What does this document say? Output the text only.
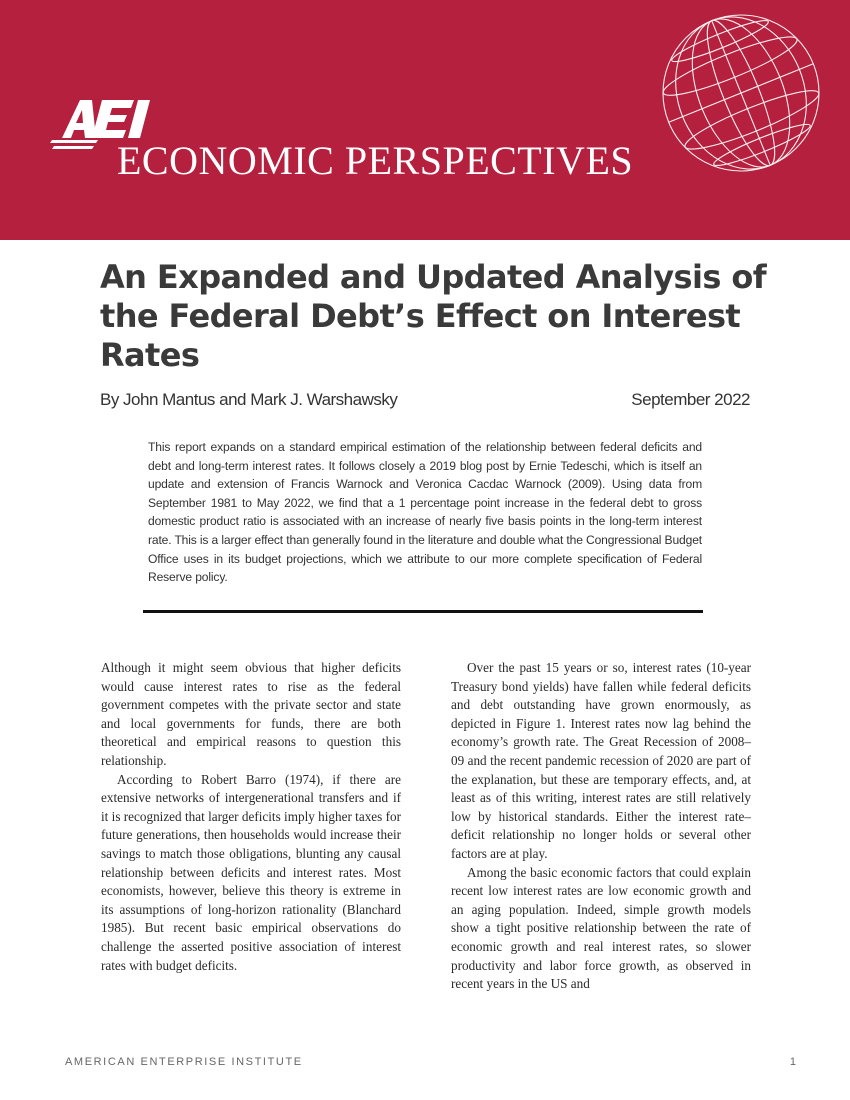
ECONOMIC PERSPECTIVES
An Expanded and Updated Analysis of the Federal Debt’s Effect on Interest Rates
By John Mantus and Mark J. Warshawsky	September 2022
This report expands on a standard empirical estimation of the relationship between federal deficits and debt and long-term interest rates. It follows closely a 2019 blog post by Ernie Tedeschi, which is itself an update and extension of Francis Warnock and Veronica Cacdac Warnock (2009). Using data from September 1981 to May 2022, we find that a 1 percentage point increase in the federal debt to gross domestic product ratio is associated with an increase of nearly five basis points in the long-term interest rate. This is a larger effect than generally found in the literature and double what the Congressional Budget Office uses in its budget projections, which we attribute to our more complete specification of Federal Reserve policy.

Although it might seem obvious that higher deficits would cause interest rates to rise as the federal government competes with the private sector and state and local governments for funds, there are both theoretical and empirical reasons to question this relationship.

According to Robert Barro (1974), if there are extensive networks of intergenerational transfers and if it is recognized that larger deficits imply higher taxes for future generations, then households would increase their savings to match those obligations, blunting any causal relationship between deficits and interest rates. Most economists, however, believe this theory is extreme in its assumptions of long-horizon rationality (Blanchard 1985). But recent basic empirical observations do challenge the asserted positive association of interest rates with budget deficits.

Over the past 15 years or so, interest rates (10-year Treasury bond yields) have fallen while federal deficits and debt outstanding have grown enormously, as depicted in Figure 1. Interest rates now lag behind the economy’s growth rate. The Great Recession of 2008–09 and the recent pandemic recession of 2020 are part of the explanation, but these are temporary effects, and, at least as of this writing, interest rates are still relatively low by historical standards. Either the interest rate–deficit relationship no longer holds or several other factors are at play.

Among the basic economic factors that could explain recent low interest rates are low economic growth and an aging population. Indeed, simple growth models show a tight positive relationship between the rate of economic growth and real interest rates, so slower productivity and labor force growth, as observed in recent years in the US and

AMERICAN ENTERPRISE INSTITUTE	1
